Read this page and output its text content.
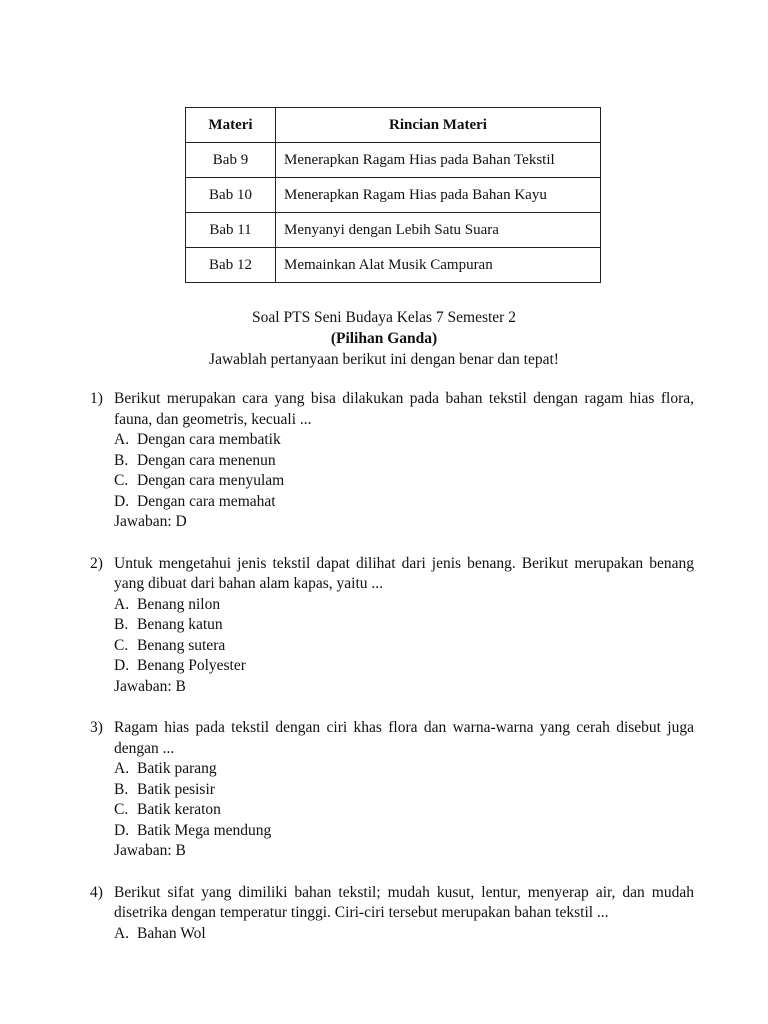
Materi	Rincian Materi
Bab 9	Menerapkan Ragam Hias pada Bahan Tekstil
Bab 10	Menerapkan Ragam Hias pada Bahan Kayu
Bab 11	Menyanyi dengan Lebih Satu Suara
Bab 12	Memainkan Alat Musik Campuran
Soal PTS Seni Budaya Kelas 7 Semester 2
(Pilihan Ganda)
Jawablah pertanyaan berikut ini dengan benar dan tepat!
1) Berikut merupakan cara yang bisa dilakukan pada bahan tekstil dengan ragam hias flora, fauna, dan geometris, kecuali ...
A. Dengan cara membatik
B. Dengan cara menenun
C. Dengan cara menyulam
D. Dengan cara memahat
Jawaban: D
2) Untuk mengetahui jenis tekstil dapat dilihat dari jenis benang. Berikut merupakan benang yang dibuat dari bahan alam kapas, yaitu ...
A. Benang nilon
B. Benang katun
C. Benang sutera
D. Benang Polyester
Jawaban: B
3) Ragam hias pada tekstil dengan ciri khas flora dan warna-warna yang cerah disebut juga dengan ...
A. Batik parang
B. Batik pesisir
C. Batik keraton
D. Batik Mega mendung
Jawaban: B
4) Berikut sifat yang dimiliki bahan tekstil; mudah kusut, lentur, menyerap air, dan mudah disetrika dengan temperatur tinggi. Ciri-ciri tersebut merupakan bahan tekstil ...
A. Bahan Wol
